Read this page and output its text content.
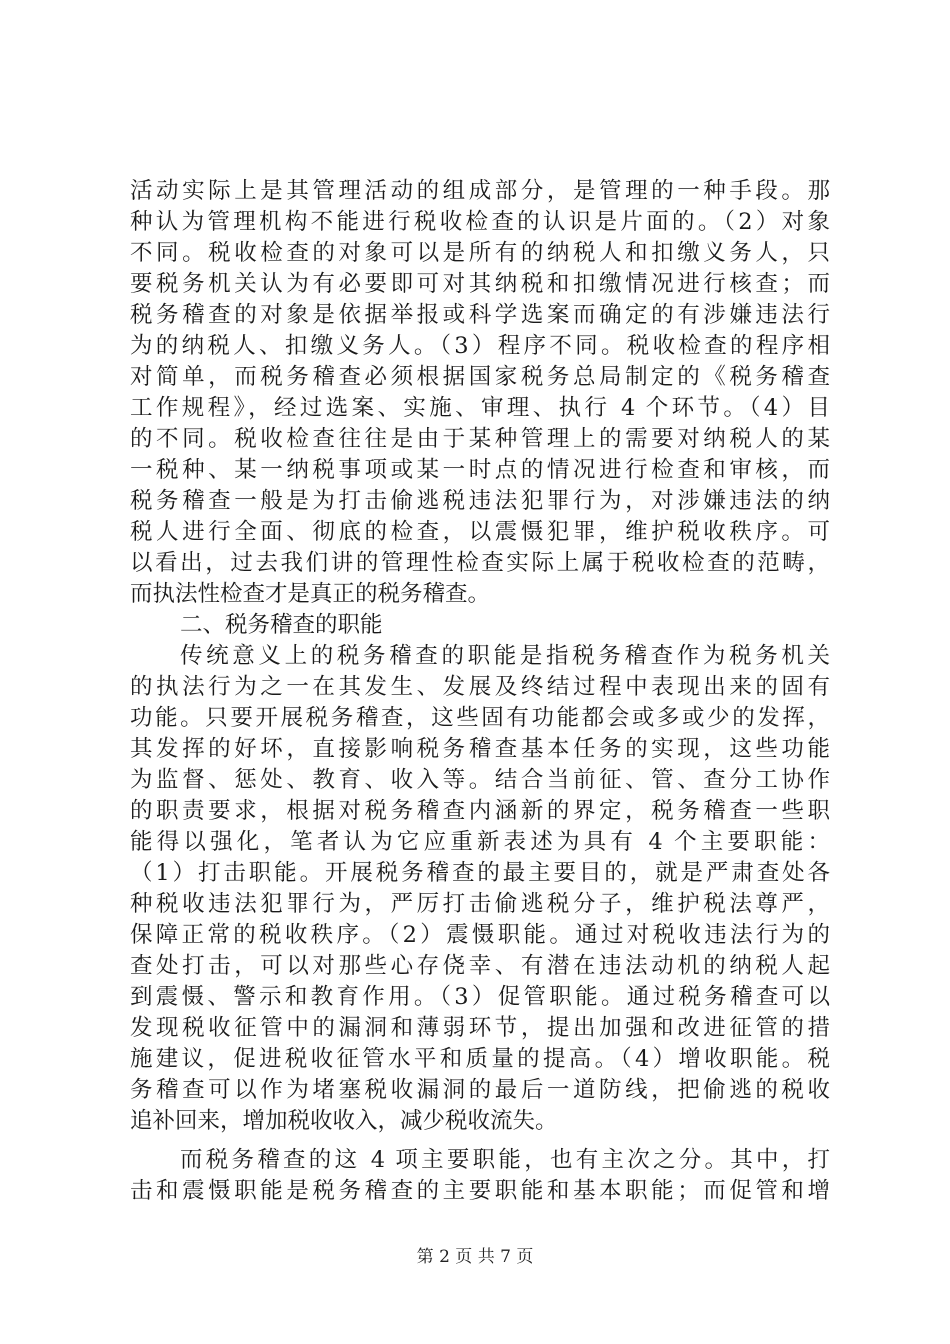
活动实际上是其管理活动的组成部分，是管理的一种手段。那
种认为管理机构不能进行税收检查的认识是片面的。（2）对象
不同。税收检查的对象可以是所有的纳税人和扣缴义务人，只
要税务机关认为有必要即可对其纳税和扣缴情况进行核查；而
税务稽查的对象是依据举报或科学选案而确定的有涉嫌违法行
为的纳税人、扣缴义务人。（3）程序不同。税收检查的程序相
对简单，而税务稽查必须根据国家税务总局制定的《税务稽查
工作规程》，经过选案、实施、审理、执行 4 个环节。（4）目
的不同。税收检查往往是由于某种管理上的需要对纳税人的某
一税种、某一纳税事项或某一时点的情况进行检查和审核，而
税务稽查一般是为打击偷逃税违法犯罪行为，对涉嫌违法的纳
税人进行全面、彻底的检查，以震慑犯罪，维护税收秩序。可
以看出，过去我们讲的管理性检查实际上属于税收检查的范畴，
而执法性检查才是真正的税务稽查。
二、税务稽查的职能
传统意义上的税务稽查的职能是指税务稽查作为税务机关
的执法行为之一在其发生、发展及终结过程中表现出来的固有
功能。只要开展税务稽查，这些固有功能都会或多或少的发挥，
其发挥的好坏，直接影响税务稽查基本任务的实现，这些功能
为监督、惩处、教育、收入等。结合当前征、管、查分工协作
的职责要求，根据对税务稽查内涵新的界定，税务稽查一些职
能得以强化，笔者认为它应重新表述为具有 4 个主要职能：
（1）打击职能。开展税务稽查的最主要目的，就是严肃查处各
种税收违法犯罪行为，严厉打击偷逃税分子，维护税法尊严，
保障正常的税收秩序。（2）震慑职能。通过对税收违法行为的
查处打击，可以对那些心存侥幸、有潜在违法动机的纳税人起
到震慑、警示和教育作用。（3）促管职能。通过税务稽查可以
发现税收征管中的漏洞和薄弱环节，提出加强和改进征管的措
施建议，促进税收征管水平和质量的提高。（4）增收职能。税
务稽查可以作为堵塞税收漏洞的最后一道防线，把偷逃的税收
追补回来，增加税收收入，减少税收流失。
而税务稽查的这 4 项主要职能，也有主次之分。其中，打
击和震慑职能是税务稽查的主要职能和基本职能；而促管和增
第 2 页 共 7 页
